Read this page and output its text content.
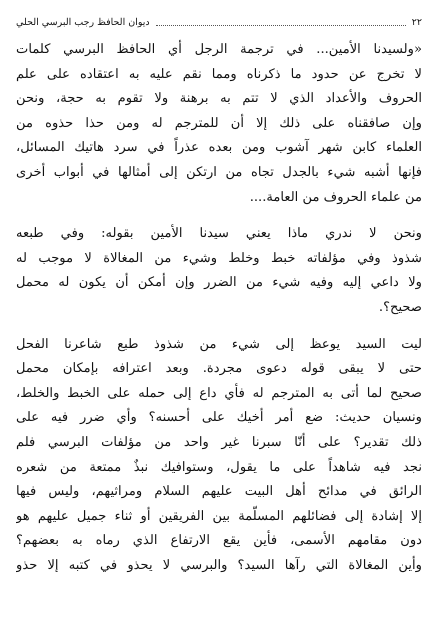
٢٢
ديوان الحافظ رجب البرسي الحلي
«ولسيدنا الأمين... في ترجمة الرجل أي الحافظ البرسي كلمات
لا تخرج عن حدود ما ذكرناه ومما نقم عليه به اعتقاده على علم
الحروف والأعداد الذي لا تتم به برهنة ولا تقوم به حجة، ونحن
وإن صافقناه على ذلك إلا أن للمترجم له ومن حذا حذوه من
العلماء كابن شهر آشوب ومن بعده عذراً في سرد هاتيك المسائل،
فإنها أشبه شيء بالجدل تجاه من ارتكن إلى أمثالها في أبواب أخرى
من علماء الحروف من العامة....
ونحن لا ندري ماذا يعني سيدنا الأمين بقوله: وفي طبعه
شذوذ وفي مؤلفاته خبط وخلط وشيء من المغالاة لا موجب له
ولا داعي إليه وفيه شيء من الضرر وإن أمكن أن يكون له محمل
صحيح؟.
ليت السيد يوعظ إلى شيء من شذوذ طبع شاعرنا الفحل
حتى لا يبقى قوله دعوى مجردة. وبعد اعترافه بإمكان محمل
صحيح لما أتى به المترجم له فأي داع إلى حمله على الخبط والخلط،
ونسيان حديث: ضع أمر أخيك على أحسنه؟ وأي ضرر فيه على
ذلك تقدير؟ على أنّا سبرنا غير واحد من مؤلفات البرسي فلم
نجد فيه شاهداً على ما يقول، وستوافيك نبذٌ ممتعة من شعره
الرائق في مدائح أهل البيت عليهم السلام ومراثيهم، وليس فيها
إلا إشادة إلى فضائلهم المسلّمة بين الفريقين أو ثناء جميل عليهم هو
دون مقامهم الأسمى، فأين يقع الارتفاع الذي رماه به بعضهم؟
وأين المغالاة التي رآها السيد؟ والبرسي لا يحذو في كتبه إلا حذو
